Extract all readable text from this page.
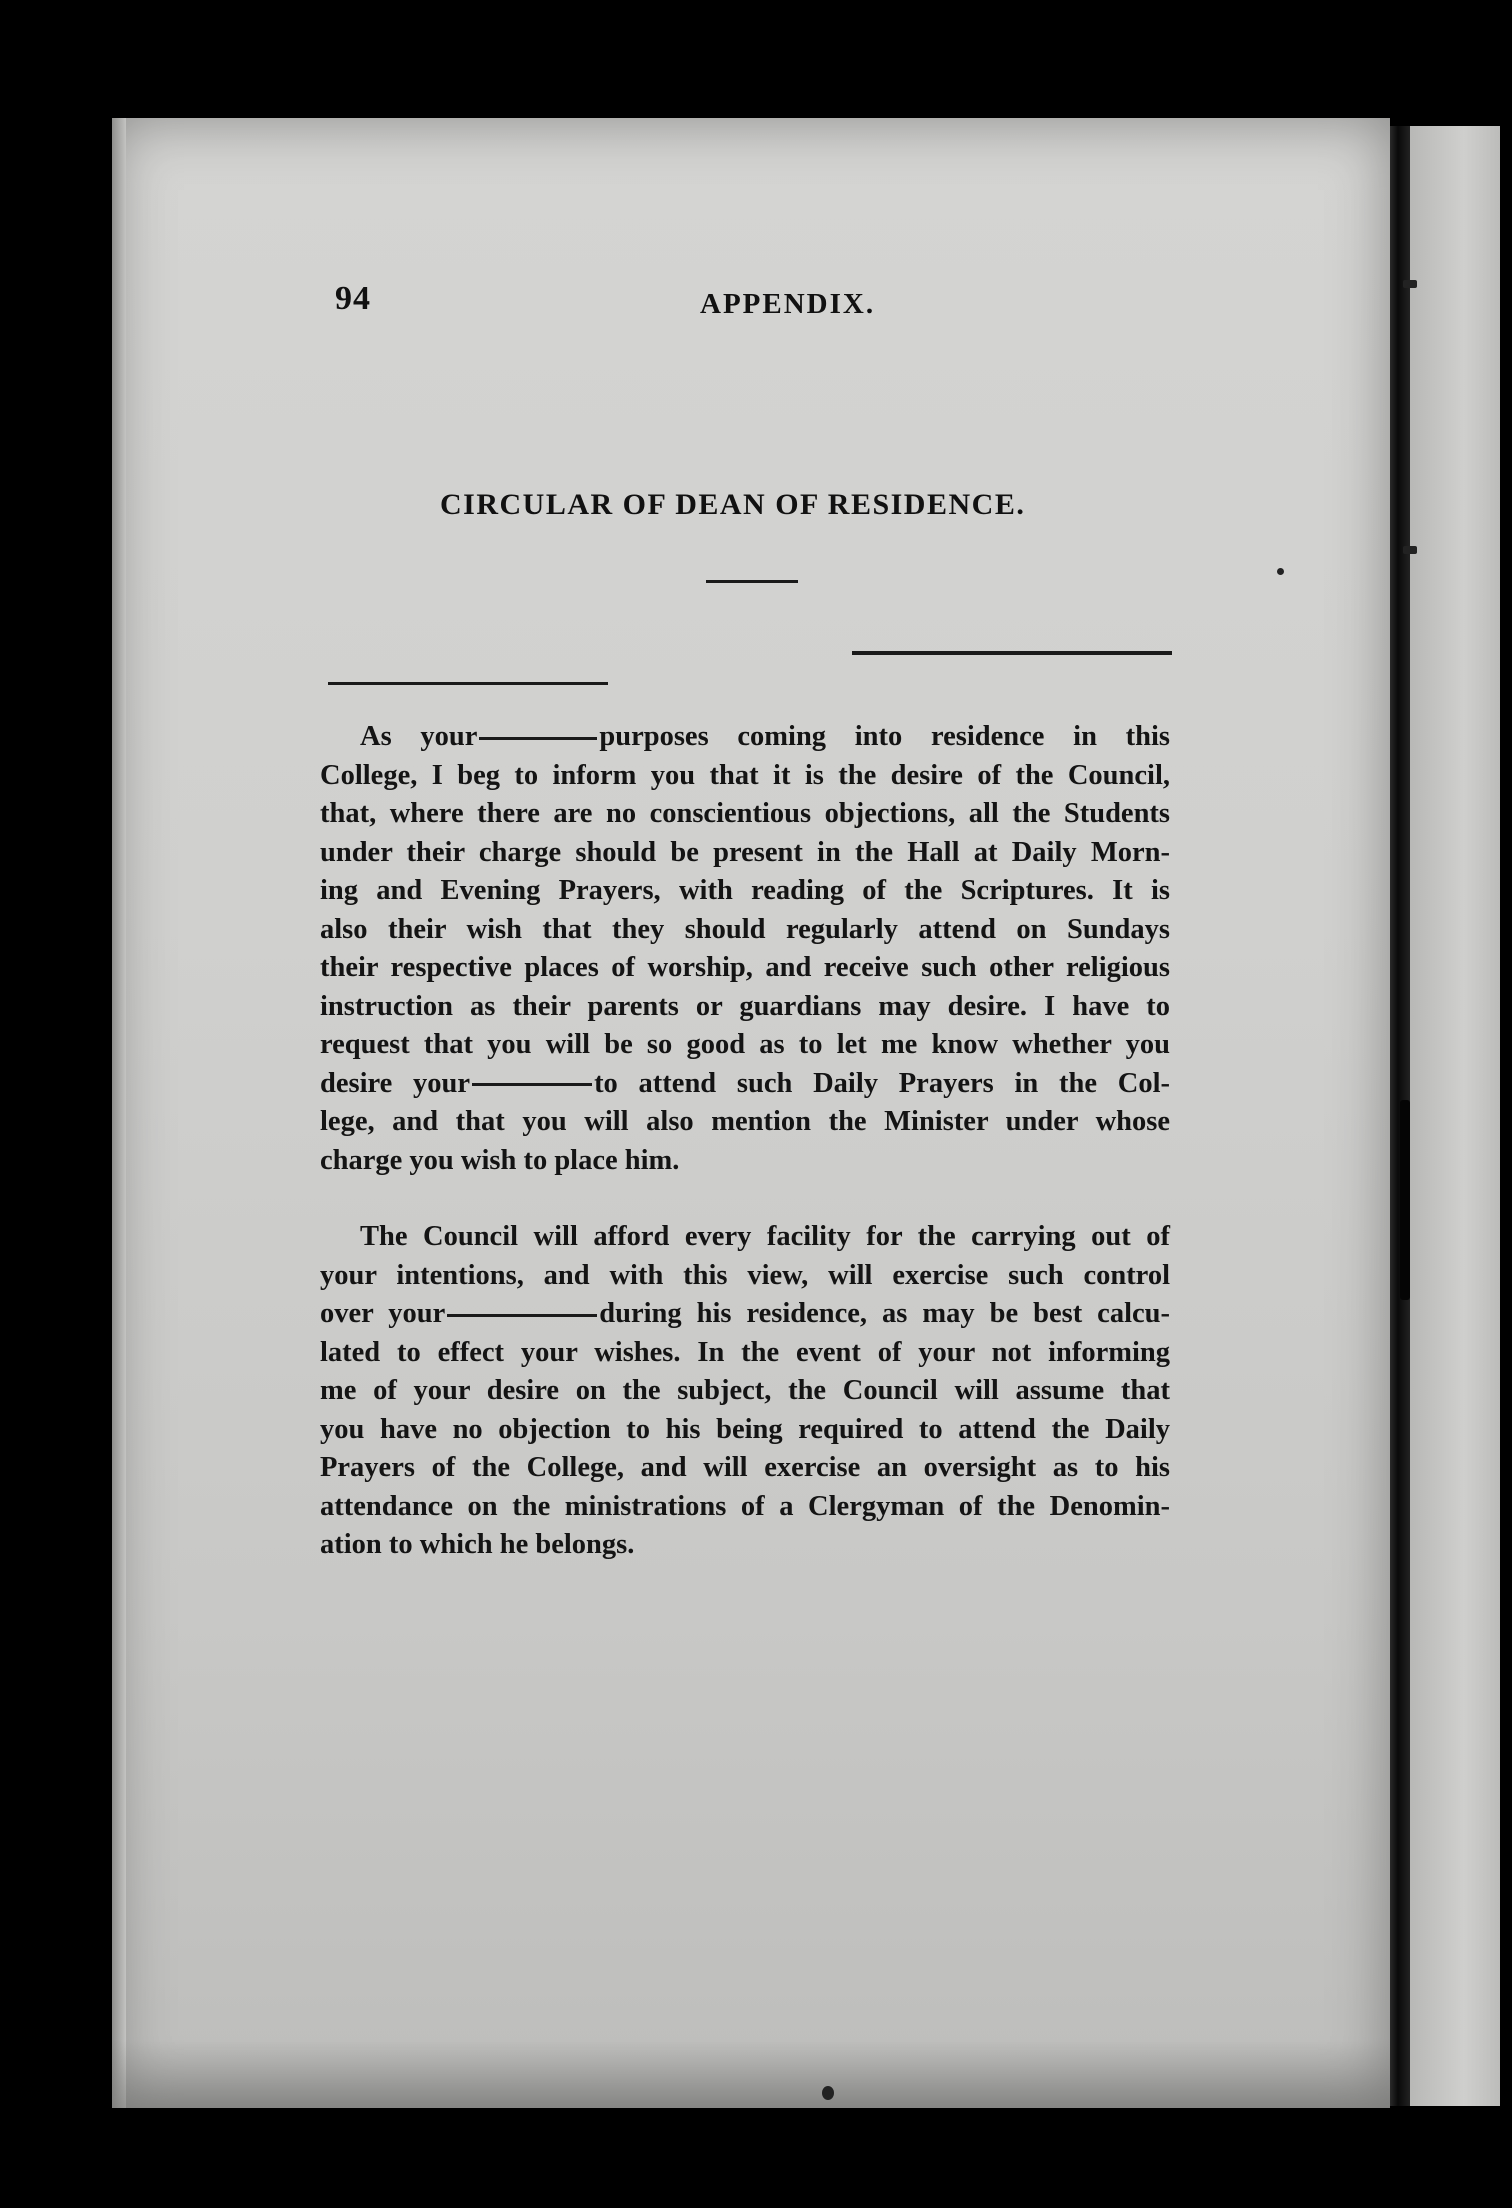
94	APPENDIX.
CIRCULAR OF DEAN OF RESIDENCE.
As your	purposes coming into residence in this
College, I beg to inform you that it is the desire of the Council,
that, where there are no conscientious objections, all the Students
under their charge should be present in the Hall at Daily Morn-
ing and Evening Prayers, with reading of the Scriptures. It is
also their wish that they should regularly attend on Sundays
their respective places of worship, and receive such other religious
instruction as their parents or guardians may desire. I have to
request that you will be so good as to let me know whether you
desire your	to attend such Daily Prayers in the Col-
lege, and that you will also mention the Minister under whose
charge you wish to place him.
The Council will afford every facility for the carrying out of
your intentions, and with this view, will exercise such control
over your	during his residence, as may be best calcu-
lated to effect your wishes. In the event of your not informing
me of your desire on the subject, the Council will assume that
you have no objection to his being required to attend the Daily
Prayers of the College, and will exercise an oversight as to his
attendance on the ministrations of a Clergyman of the Denomin-
ation to which he belongs.
